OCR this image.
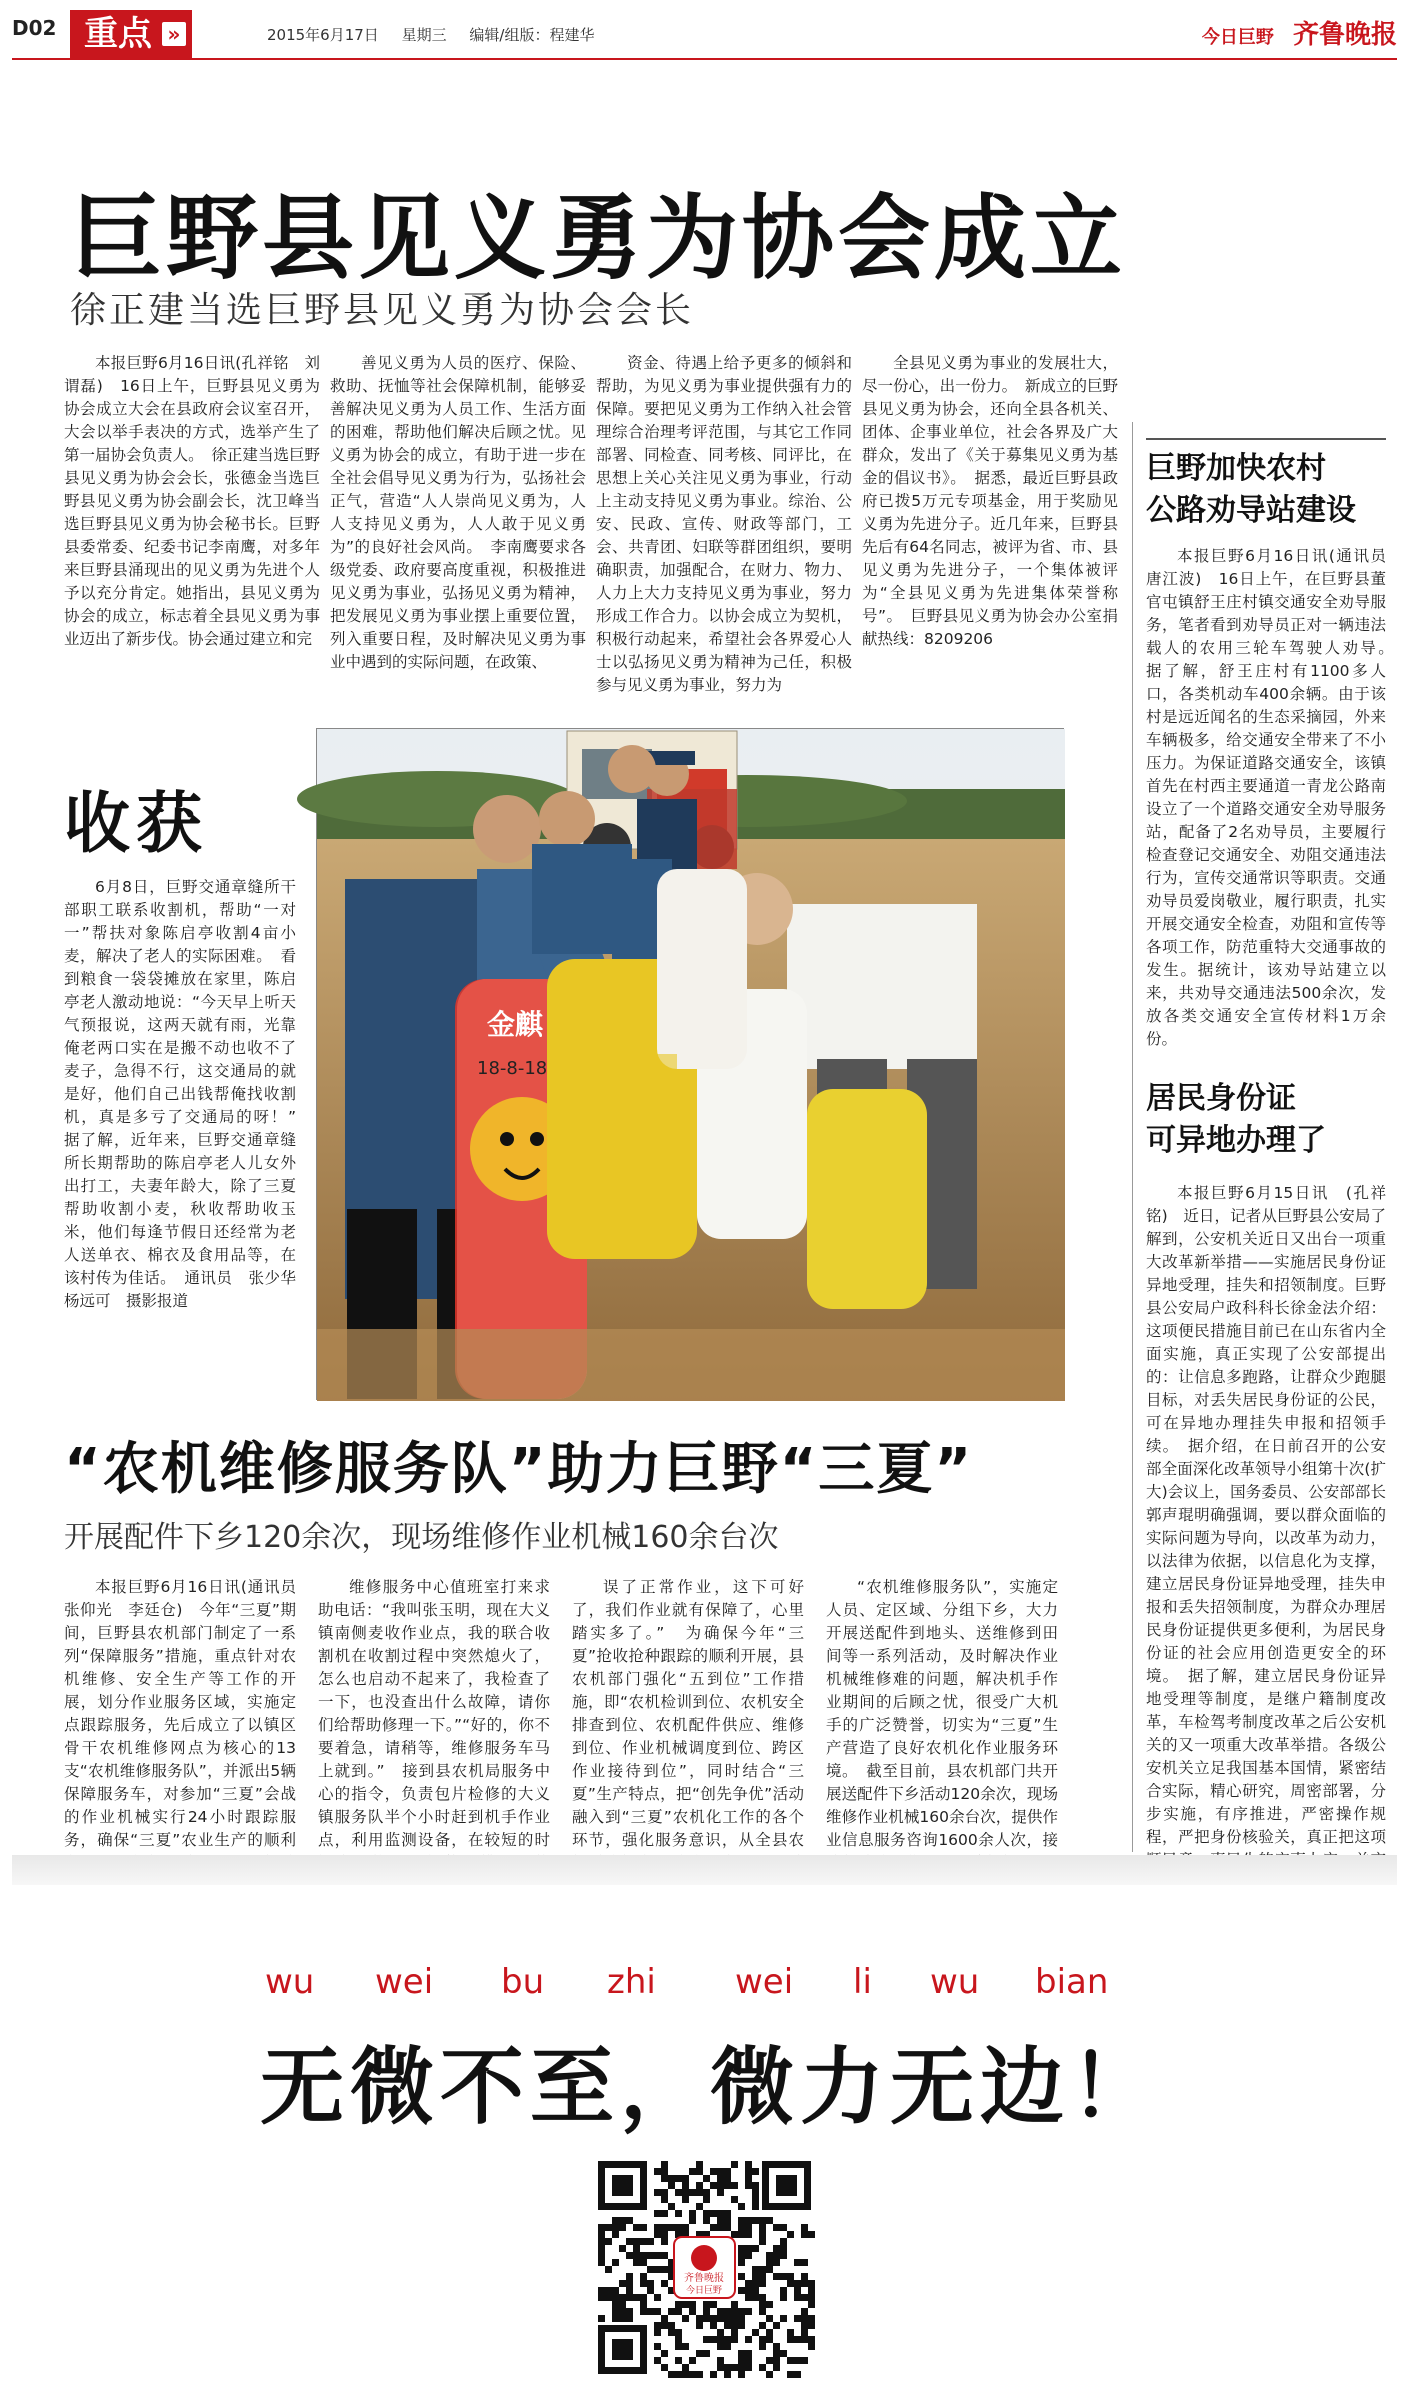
D02 重点 »	2015年6月17日 星期三 编辑/组版：程建华	今日巨野 齐鲁晚报
巨野县见义勇为协会成立
徐正建当选巨野县见义勇为协会会长

本报巨野6月16日讯(孔祥铭　刘谓磊)　16日上午，巨野县见义勇为协会成立大会在县政府会议室召开，大会以举手表决的方式，选举产生了第一届协会负责人。　徐正建当选巨野县见义勇为协会会长，张德金当选巨野县见义勇为协会副会长，沈卫峰当选巨野县见义勇为协会秘书长。巨野县委常委、纪委书记李南鹰，对多年来巨野县涌现出的见义勇为先进个人予以充分肯定。她指出，县见义勇为协会的成立，标志着全县见义勇为事业迈出了新步伐。协会通过建立和完

善见义勇为人员的医疗、保险、救助、抚恤等社会保障机制，能够妥善解决见义勇为人员工作、生活方面的困难，帮助他们解决后顾之忧。见义勇为协会的成立，有助于进一步在全社会倡导见义勇为行为，弘扬社会正气，营造“人人崇尚见义勇为，人人支持见义勇为，人人敢于见义勇为”的良好社会风尚。　李南鹰要求各级党委、政府要高度重视，积极推进见义勇为事业，弘扬见义勇为精神，把发展见义勇为事业摆上重要位置，列入重要日程，及时解决见义勇为事业中遇到的实际问题，在政策、

资金、待遇上给予更多的倾斜和帮助，为见义勇为事业提供强有力的保障。要把见义勇为工作纳入社会管理综合治理考评范围，与其它工作同部署、同检查、同考核、同评比，在思想上关心关注见义勇为事业，行动上主动支持见义勇为事业。综治、公安、民政、宣传、财政等部门，工会、共青团、妇联等群团组织，要明确职责，加强配合，在财力、物力、人力上大力支持见义勇为事业，努力形成工作合力。以协会成立为契机，积极行动起来，希望社会各界爱心人士以弘扬见义勇为精神为己任，积极参与见义勇为事业，努力为

全县见义勇为事业的发展壮大，尽一份心，出一份力。　新成立的巨野县见义勇为协会，还向全县各机关、团体、企事业单位，社会各界及广大群众，发出了《关于募集见义勇为基金的倡议书》。　据悉，最近巨野县政府已拨5万元专项基金，用于奖励见义勇为先进分子。近几年来，巨野县先后有64名同志，被评为省、市、县见义勇为先进分子，一个集体被评为“全县见义勇为先进集体荣誉称号”。　巨野县见义勇为协会办公室捐献热线：8209206

收获

6月8日，巨野交通章缝所干部职工联系收割机，帮助“一对一”帮扶对象陈启亭收割4亩小麦，解决了老人的实际困难。　看到粮食一袋袋摊放在家里，陈启亭老人激动地说：“今天早上听天气预报说，这两天就有雨，光靠俺老两口实在是搬不动也收不了麦子，急得不行，这交通局的就是好，他们自己出钱帮俺找收割机，真是多亏了交通局的呀！”　据了解，近年来，巨野交通章缝所长期帮助的陈启亭老人儿女外出打工，夫妻年龄大，除了三夏帮助收割小麦，秋收帮助收玉米，他们每逢节假日还经常为老人送单衣、棉衣及食用品等，在该村传为佳话。　通讯员　张少华　杨远可　摄影报道

金麒
18-8-18
“农机维修服务队”助力巨野“三夏”
开展配件下乡120余次，现场维修作业机械160余台次

本报巨野6月16日讯(通讯员　张仰光　李廷仓)　今年“三夏”期间，巨野县农机部门制定了一系列“保障服务”措施，重点针对农机维修、安全生产等工作的开展，划分作业服务区域，实施定点跟踪服务，先后成立了以镇区骨干农机维修网点为核心的13支“农机维修服务队”，并派出5辆保障服务车，对参加“三夏”会战的作业机械实行24小时跟踪服务，确保“三夏”农业生产的顺利　

维修服务中心值班室打来求助电话：“我叫张玉明，现在大义镇南侧麦收作业点，我的联合收割机在收割过程中突然熄火了，怎么也启动不起来了，我检查了一下，也没查出什么故障，请你们给帮助修理一下。”“好的，你不要着急，请稍等，维修服务车马上就到。”　接到县农机局服务中心的指令，负责包片检修的大义镇服务队半个小时赶到机手作业点，利用监测设备，在较短的时

误了正常作业，这下可好了，我们作业就有保障了，心里踏实多了。”　为确保今年“三夏”抢收抢种跟踪的顺利开展，县农机部门强化“五到位”工作措施，即“农机检训到位、农机安全排查到位、农机配件供应、维修到位、作业机械调度到位、跨区作业接待到位”，同时结合“三夏”生产特点，把“创先争优”活动融入到“三夏”农机化工作的各个环节，强化服务意识，从全县农

“农机维修服务队”，实施定人员、定区域、分组下乡，大力开展送配件到地头、送维修到田间等一系列活动，及时解决作业机械维修难的问题，解决机手作业期间的后顾之忧，很受广大机手的广泛赞誉，切实为“三夏”生产营造了良好农机化作业服务环境。　截至目前，县农机部门共开展送配件下乡活动120余次，现场维修作业机械160余台次，提供作业信息服务咨询1600余人次，接

巨野加快农村
公路劝导站建设

本报巨野6月16日讯(通讯员　唐江波)　16日上午，在巨野县董官屯镇舒王庄村镇交通安全劝导服务，笔者看到劝导员正对一辆违法载人的农用三轮车驾驶人劝导。　据了解，舒王庄村有1100多人口，各类机动车400余辆。由于该村是远近闻名的生态采摘园，外来车辆极多，给交通安全带来了不小压力。为保证道路交通安全，该镇首先在村西主要通道一青龙公路南设立了一个道路交通安全劝导服务站，配备了2名劝导员，主要履行检查登记交通安全、劝阻交通违法行为，宣传交通常识等职责。交通劝导员爱岗敬业，履行职责，扎实开展交通安全检查，劝阻和宣传等各项工作，防范重特大交通事故的发生。据统计，该劝导站建立以来，共劝导交通违法500余次，发放各类交通安全宣传材料1万余份。

居民身份证
可异地办理了

本报巨野6月15日讯　(孔祥铭)　近日，记者从巨野县公安局了解到，公安机关近日又出台一项重大改革新举措——实施居民身份证异地受理，挂失和招领制度。巨野县公安局户政科科长徐金法介绍：这项便民措施目前已在山东省内全面实施，真正实现了公安部提出的：让信息多跑路，让群众少跑腿目标，对丢失居民身份证的公民，可在异地办理挂失申报和招领手续。　据介绍，在日前召开的公安部全面深化改革领导小组第十次(扩大)会议上，国务委员、公安部部长郭声琨明确强调，要以群众面临的实际问题为导向，以改革为动力，以法律为依据，以信息化为支撑，建立居民身份证异地受理，挂失申报和丢失招领制度，为群众办理居民身份证提供更多便利，为居民身份证的社会应用创造更安全的环境。　据了解，建立居民身份证异地受理等制度，是继户籍制度改革，车检驾考制度改革之后公安机关的又一项重大改革举措。各级公安机关立足我国基本国情，紧密结合实际，精心研究，周密部署，分步实施，有序推进，严密操作规程，严把身份核验关，真正把这项

wu wei bu zhi wei li wu bian
无微不至，微力无边！
齐鲁晚报
今日巨野
